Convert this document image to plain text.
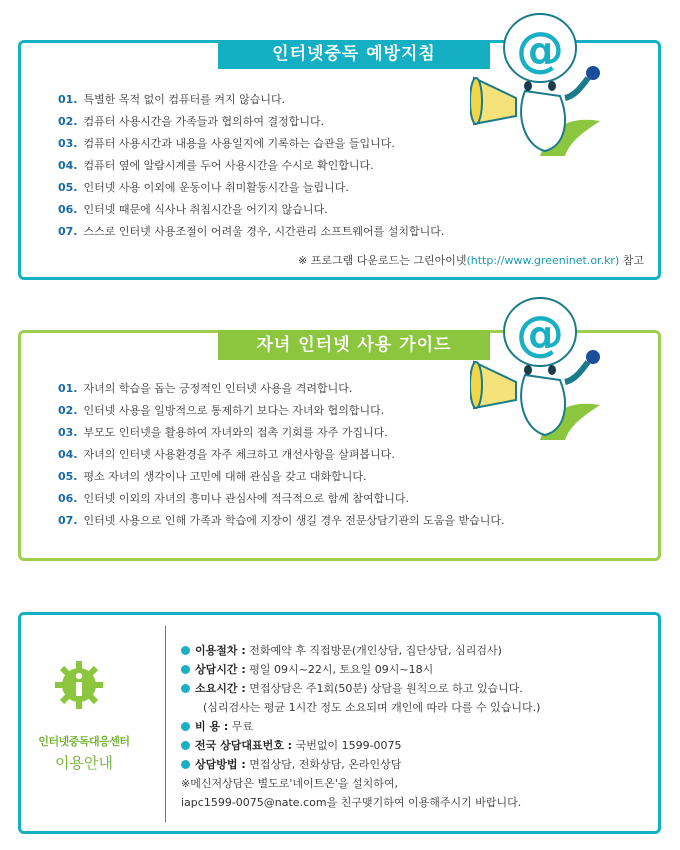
인터넷중독 예방지침
01. 특별한 목적 없이 컴퓨터를 켜지 않습니다.
02. 컴퓨터 사용시간을 가족들과 협의하여 결정합니다.
03. 컴퓨터 사용시간과 내용을 사용일지에 기록하는 습관을 들입니다.
04. 컴퓨터 옆에 알람시계를 두어 사용시간을 수시로 확인합니다.
05. 인터넷 사용 이외에 운동이나 취미활동시간을 늘립니다.
06. 인터넷 때문에 식사나 취침시간을 어기지 않습니다.
07. 스스로 인터넷 사용조절이 어려울 경우, 시간관리 소프트웨어를 설치합니다.
※ 프로그램 다운로드는 그린아이넷(http://www.greeninet.or.kr) 참고
@
자녀 인터넷 사용 가이드
01. 자녀의 학습을 돕는 긍정적인 인터넷 사용을 격려합니다.
02. 인터넷 사용을 일방적으로 통제하기 보다는 자녀와 협의합니다.
03. 부모도 인터넷을 활용하여 자녀와의 접촉 기회를 자주 가집니다.
04. 자녀의 인터넷 사용환경을 자주 체크하고 개선사항을 살펴봅니다.
05. 평소 자녀의 생각이나 고민에 대해 관심을 갖고 대화합니다.
06. 인터넷 이외의 자녀의 흥미나 관심사에 적극적으로 함께 참여합니다.
07. 인터넷 사용으로 인해 가족과 학습에 지장이 생길 경우 전문상담기관의 도움을 받습니다.
@
인터넷중독대응센터
이용안내
이용절차 : 전화예약 후 직접방문(개인상담, 집단상담, 심리검사)
상담시간 : 평일 09시~22시, 토요일 09시~18시
소요시간 : 면접상담은 주1회(50분) 상담을 원칙으로 하고 있습니다.
(심리검사는 평균 1시간 정도 소요되며 개인에 따라 다를 수 있습니다.)
비 용 : 무료
전국 상담대표번호 : 국번없이 1599-0075
상담방법 : 면접상담, 전화상담, 온라인상담
※메신저상담은 별도로'네이트온'을 설치하여,
iapc1599-0075@nate.com을 친구맺기하여 이용해주시기 바랍니다.
